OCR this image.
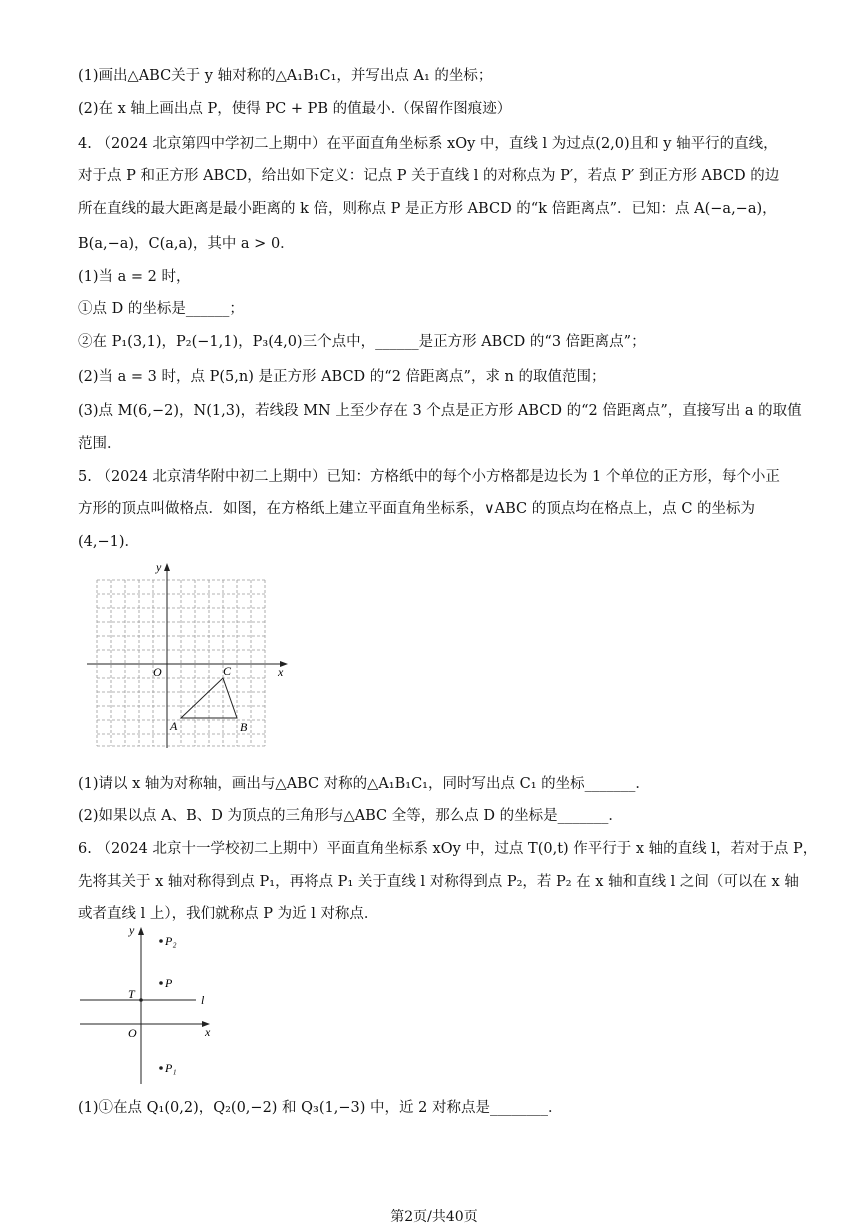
(1)画出△ABC关于 y 轴对称的△A₁B₁C₁，并写出点 A₁ 的坐标；
(2)在 x 轴上画出点 P，使得 PC + PB 的值最小.（保留作图痕迹）
4. （2024 北京第四中学初二上期中）在平面直角坐标系 xOy 中，直线 l 为过点(2,0)且和 y 轴平行的直线，
对于点 P 和正方形 ABCD，给出如下定义：记点 P 关于直线 l 的对称点为 P′，若点 P′ 到正方形 ABCD 的边
所在直线的最大距离是最小距离的 k 倍，则称点 P 是正方形 ABCD 的“k 倍距离点”．已知：点 A(−a,−a)，
B(a,−a)，C(a,a)，其中 a > 0．
(1)当 a = 2 时，
①点 D 的坐标是______；
②在 P₁(3,1)，P₂(−1,1)，P₃(4,0)三个点中，______是正方形 ABCD 的“3 倍距离点”；
(2)当 a = 3 时，点 P(5,n) 是正方形 ABCD 的“2 倍距离点”，求 n 的取值范围；
(3)点 M(6,−2)，N(1,3)，若线段 MN 上至少存在 3 个点是正方形 ABCD 的“2 倍距离点”，直接写出 a 的取值
范围．
5. （2024 北京清华附中初二上期中）已知：方格纸中的每个小方格都是边长为 1 个单位的正方形，每个小正
方形的顶点叫做格点．如图，在方格纸上建立平面直角坐标系，∨ABC 的顶点均在格点上，点 C 的坐标为
(4,−1)．
y
x
O	C
A	B
(1)请以 x 轴为对称轴，画出与△ABC 对称的△A₁B₁C₁，同时写出点 C₁ 的坐标_______．
(2)如果以点 A、B、D 为顶点的三角形与△ABC 全等，那么点 D 的坐标是_______．
6. （2024 北京十一学校初二上期中）平面直角坐标系 xOy 中，过点 T(0,t) 作平行于 x 轴的直线 l，若对于点 P，
先将其关于 x 轴对称得到点 P₁，再将点 P₁ 关于直线 l 对称得到点 P₂，若 P₂ 在 x 轴和直线 l 之间（可以在 x 轴
或者直线 l 上），我们就称点 P 为近 l 对称点．
y
x
O
T	l
P₂
P
P₁
(1)①在点 Q₁(0,2)，Q₂(0,−2) 和 Q₃(1,−3) 中，近 2 对称点是________．
第2页/共40页
